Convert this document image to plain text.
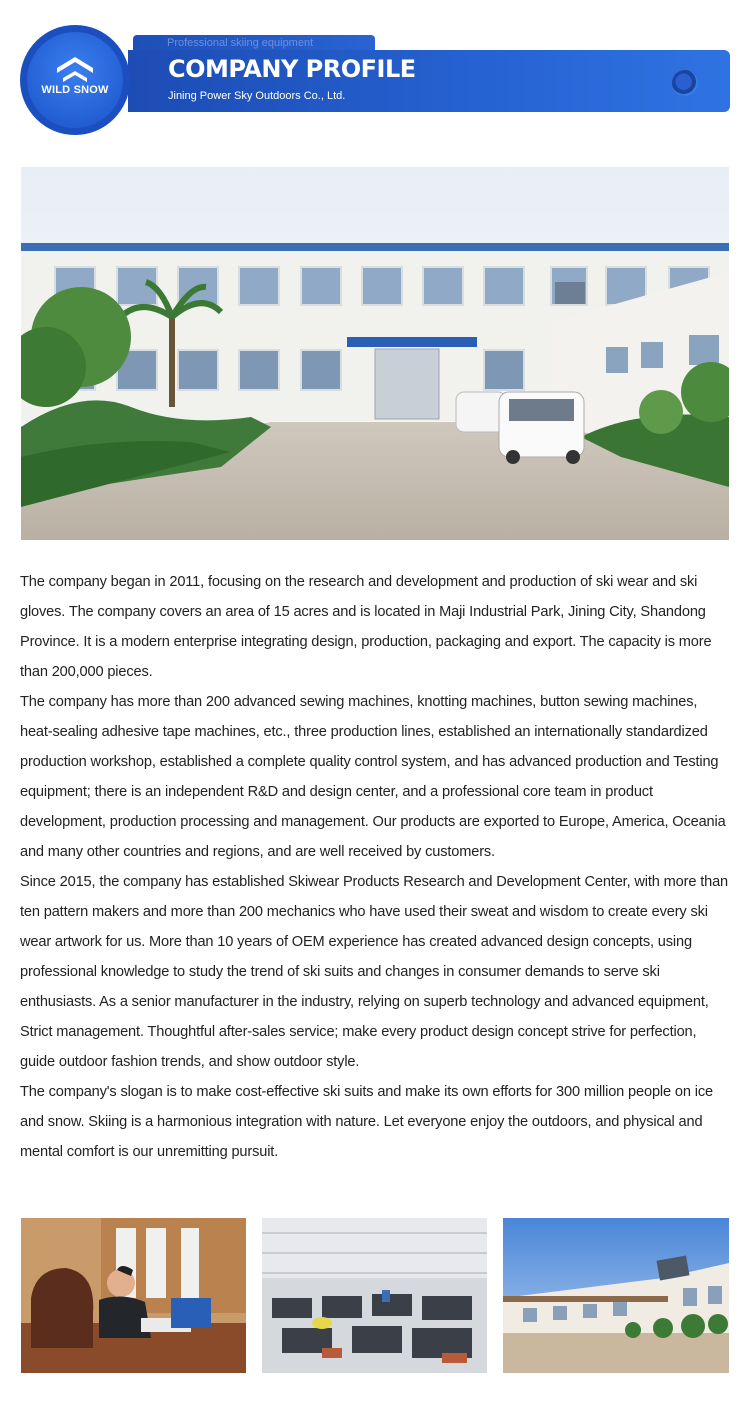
Professional skiing equipment
COMPANY PROFILE
Jining Power Sky Outdoors Co., Ltd.
WILD SNOW

The company began in 2011, focusing on the research and development and production of ski wear and ski gloves. The company covers an area of 15 acres and is located in Maji Industrial Park, Jining City, Shandong Province. It is a modern enterprise integrating design, production, packaging and export. The capacity is more than 200,000 pieces.

The company has more than 200 advanced sewing machines, knotting machines, button sewing machines, heat-sealing adhesive tape machines, etc., three production lines, established an internationally standardized production workshop, established a complete quality control system, and has advanced production and Testing equipment; there is an independent R&D and design center, and a professional core team in product development, production processing and management. Our products are exported to Europe, America, Oceania and many other countries and regions, and are well received by customers.

Since 2015, the company has established Skiwear Products Research and Development Center, with more than ten pattern makers and more than 200 mechanics who have used their sweat and wisdom to create every ski wear artwork for us. More than 10 years of OEM experience has created advanced design concepts, using professional knowledge to study the trend of ski suits and changes in consumer demands to serve ski enthusiasts. As a senior manufacturer in the industry, relying on superb technology and advanced equipment, Strict management. Thoughtful after-sales service; make every product design concept strive for perfection, guide outdoor fashion trends, and show outdoor style.

The company's slogan is to make cost-effective ski suits and make its own efforts for 300 million people on ice and snow. Skiing is a harmonious integration with nature. Let everyone enjoy the outdoors, and physical and mental comfort is our unremitting pursuit.
